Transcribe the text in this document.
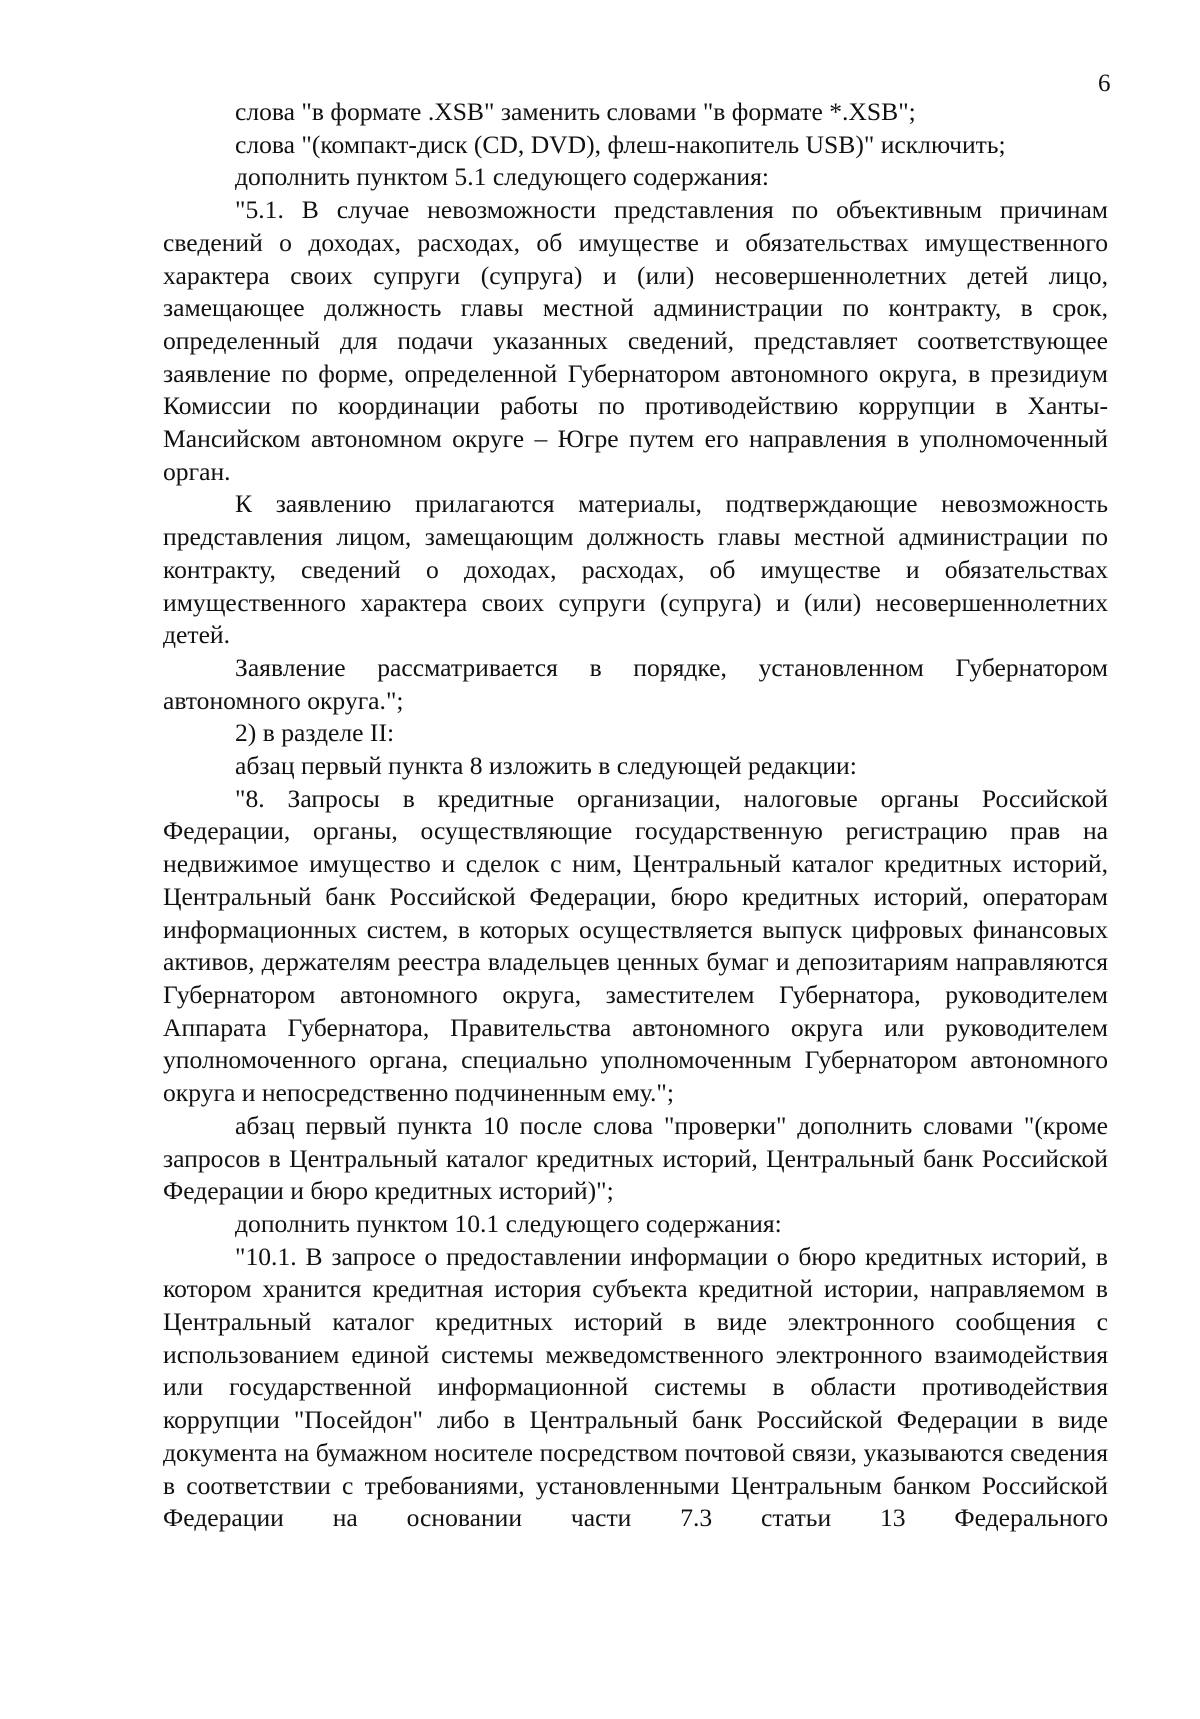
6

слова "в формате .XSB" заменить словами "в формате *.XSB";

слова "(компакт-диск (CD, DVD), флеш-накопитель USB)" исключить;

дополнить пунктом 5.1 следующего содержания:

"5.1. В случае невозможности представления по объективным причинам сведений о доходах, расходах, об имуществе и обязательствах имущественного характера своих супруги (супруга) и (или) несовершеннолетних детей лицо, замещающее должность главы местной администрации по контракту, в срок, определенный для подачи указанных сведений, представляет соответствующее заявление по форме, определенной Губернатором автономного округа, в президиум Комиссии по координации работы по противодействию коррупции в Ханты-Мансийском автономном округе – Югре путем его направления в уполномоченный орган.

К заявлению прилагаются материалы, подтверждающие невозможность представления лицом, замещающим должность главы местной администрации по контракту, сведений о доходах, расходах, об имуществе и обязательствах имущественного характера своих супруги (супруга) и (или) несовершеннолетних детей.

Заявление рассматривается в порядке, установленном Губернатором автономного округа.";

2) в разделе II:

абзац первый пункта 8 изложить в следующей редакции:

"8. Запросы в кредитные организации, налоговые органы Российской Федерации, органы, осуществляющие государственную регистрацию прав на недвижимое имущество и сделок с ним, Центральный каталог кредитных историй, Центральный банк Российской Федерации, бюро кредитных историй, операторам информационных систем, в которых осуществляется выпуск цифровых финансовых активов, держателям реестра владельцев ценных бумаг и депозитариям направляются Губернатором автономного округа, заместителем Губернатора, руководителем Аппарата Губернатора, Правительства автономного округа или руководителем уполномоченного органа, специально уполномоченным Губернатором автономного округа и непосредственно подчиненным ему.";

абзац первый пункта 10 после слова "проверки" дополнить словами "(кроме запросов в Центральный каталог кредитных историй, Центральный банк Российской Федерации и бюро кредитных историй)";

дополнить пунктом 10.1 следующего содержания:

"10.1. В запросе о предоставлении информации о бюро кредитных историй, в котором хранится кредитная история субъекта кредитной истории, направляемом в Центральный каталог кредитных историй в виде электронного сообщения с использованием единой системы межведомственного электронного взаимодействия или государственной информационной системы в области противодействия коррупции "Посейдон" либо в Центральный банк Российской Федерации в виде документа на бумажном носителе посредством почтовой связи, указываются сведения в соответствии с требованиями, установленными Центральным банком Российской Федерации на основании части 7.3 статьи 13 Федерального
